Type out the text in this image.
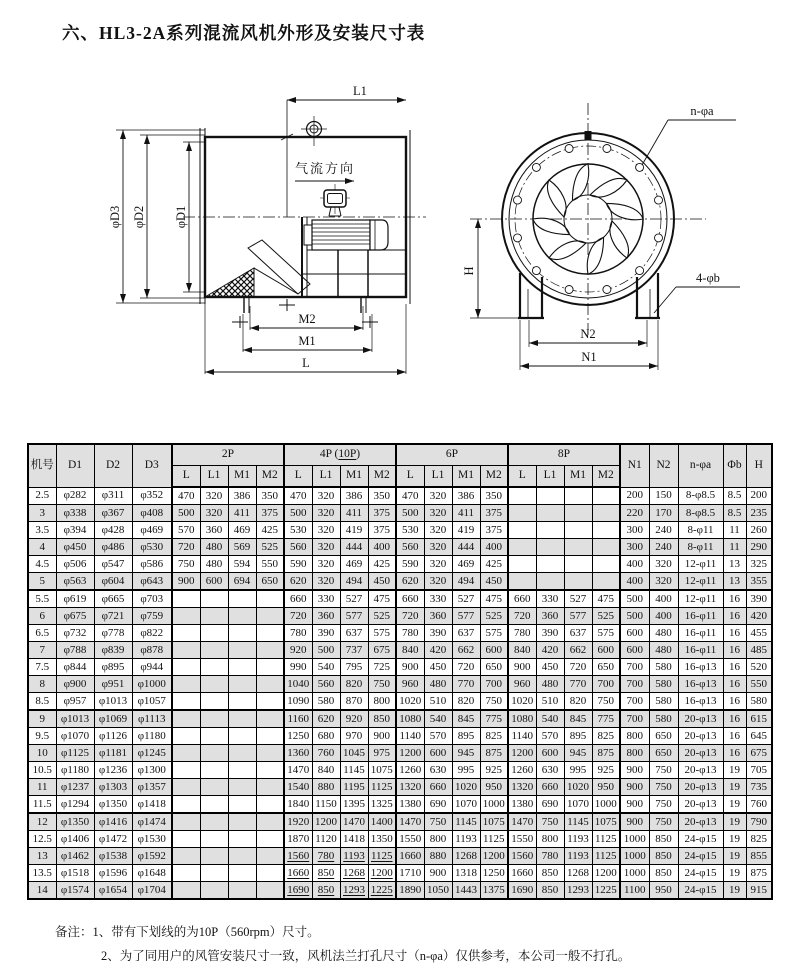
六、HL3-2A系列混流风机外形及安装尺寸表
L1
气流方向
φD3 φD2 φD1
M2
M1
L
n-φa
H	4-φb
N2
N1
机号	D1	D2	D3	2P				4P (10P)				6P				8P				N1	N2	n-φa	Φb	H
				L	L1	M1	M2	L	L1	M1	M2	L	L1	M1	M2	L	L1	M1	M2					
2.5	φ282	φ311	φ352	470	320	386	350	470	320	386	350	470	320	386	350					200	150	8-φ8.5	8.5	200
3	φ338	φ367	φ408	500	320	411	375	500	320	411	375	500	320	411	375					220	170	8-φ8.5	8.5	235
3.5	φ394	φ428	φ469	570	360	469	425	530	320	419	375	530	320	419	375					300	240	8-φ11	11	260
4	φ450	φ486	φ530	720	480	569	525	560	320	444	400	560	320	444	400					300	240	8-φ11	11	290
4.5	φ506	φ547	φ586	750	480	594	550	590	320	469	425	590	320	469	425					400	320	12-φ11	13	325
5	φ563	φ604	φ643	900	600	694	650	620	320	494	450	620	320	494	450					400	320	12-φ11	13	355
5.5	φ619	φ665	φ703					660	330	527	475	660	330	527	475	660	330	527	475	500	400	12-φ11	16	390
6	φ675	φ721	φ759					720	360	577	525	720	360	577	525	720	360	577	525	500	400	16-φ11	16	420
6.5	φ732	φ778	φ822					780	390	637	575	780	390	637	575	780	390	637	575	600	480	16-φ11	16	455
7	φ788	φ839	φ878					920	500	737	675	840	420	662	600	840	420	662	600	600	480	16-φ11	16	485
7.5	φ844	φ895	φ944					990	540	795	725	900	450	720	650	900	450	720	650	700	580	16-φ13	16	520
8	φ900	φ951	φ1000					1040	560	820	750	960	480	770	700	960	480	770	700	700	580	16-φ13	16	550
8.5	φ957	φ1013	φ1057					1090	580	870	800	1020	510	820	750	1020	510	820	750	700	580	16-φ13	16	580
9	φ1013	φ1069	φ1113					1160	620	920	850	1080	540	845	775	1080	540	845	775	700	580	20-φ13	16	615
9.5	φ1070	φ1126	φ1180					1250	680	970	900	1140	570	895	825	1140	570	895	825	800	650	20-φ13	16	645
10	φ1125	φ1181	φ1245					1360	760	1045	975	1200	600	945	875	1200	600	945	875	800	650	20-φ13	16	675
10.5	φ1180	φ1236	φ1300					1470	840	1145	1075	1260	630	995	925	1260	630	995	925	900	750	20-φ13	19	705
11	φ1237	φ1303	φ1357					1540	880	1195	1125	1320	660	1020	950	1320	660	1020	950	900	750	20-φ13	19	735
11.5	φ1294	φ1350	φ1418					1840	1150	1395	1325	1380	690	1070	1000	1380	690	1070	1000	900	750	20-φ13	19	760
12	φ1350	φ1416	φ1474					1920	1200	1470	1400	1470	750	1145	1075	1470	750	1145	1075	900	750	20-φ13	19	790
12.5	φ1406	φ1472	φ1530					1870	1120	1418	1350	1550	800	1193	1125	1550	800	1193	1125	1000	850	24-φ15	19	825
13	φ1462	φ1538	φ1592					1560	780	1193	1125	1660	880	1268	1200	1560	780	1193	1125	1000	850	24-φ15	19	855
13.5	φ1518	φ1596	φ1648					1660	850	1268	1200	1710	900	1318	1250	1660	850	1268	1200	1000	850	24-φ15	19	875
14	φ1574	φ1654	φ1704					1690	850	1293	1225	1890	1050	1443	1375	1690	850	1293	1225	1100	950	24-φ15	19	915
备注：1、带有下划线的为10P（560rpm）尺寸。
2、为了同用户的风管安装尺寸一致，风机法兰打孔尺寸（n-φa）仅供参考，本公司一般不打孔。
